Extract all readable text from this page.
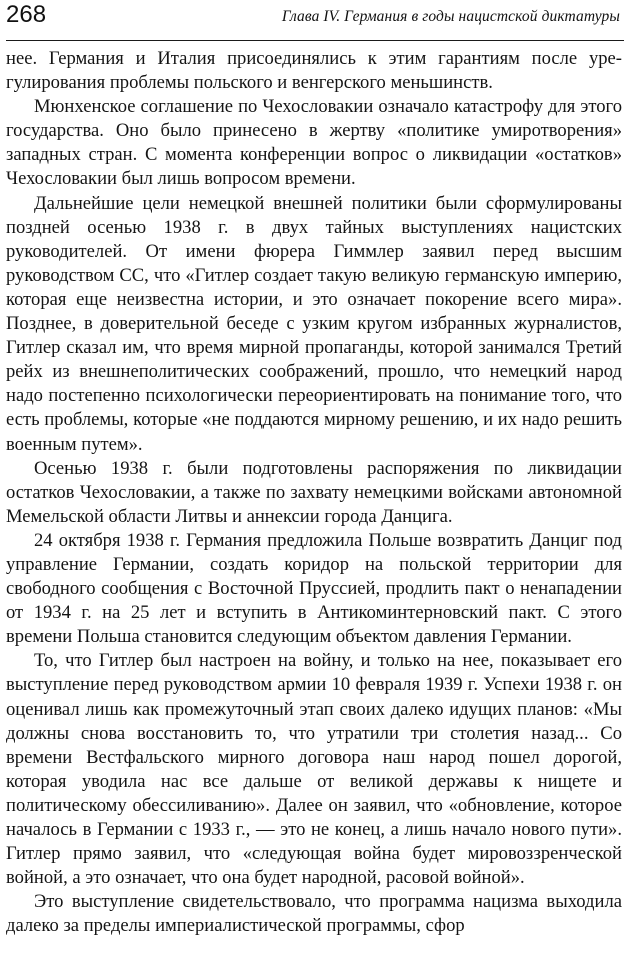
268	Глава IV. Германия в годы нацистской диктатуры

нее. Германия и Италия присоединялись к этим гарантиям после урегулирования проблемы польского и венгерского меньшинств.

Мюнхенское соглашение по Чехословакии означало катастрофу для этого государства. Оно было принесено в жертву «политике умиротворения» западных стран. С момента конференции вопрос о ликвидации «остатков» Чехословакии был лишь вопросом времени.

Дальнейшие цели немецкой внешней политики были сформулированы поздней осенью 1938 г. в двух тайных выступлениях нацистских руководителей. От имени фюрера Гиммлер заявил перед высшим руководством СС, что «Гитлер создает такую великую германскую империю, которая еще неизвестна истории, и это означает покорение всего мира». Позднее, в доверительной беседе с узким кругом избранных журналистов, Гитлер сказал им, что время мирной пропаганды, которой занимался Третий рейх из внешнеполитических соображений, прошло, что немецкий народ надо постепенно психологически переориентировать на понимание того, что есть проблемы, которые «не поддаются мирному решению, и их надо решить военным путем».

Осенью 1938 г. были подготовлены распоряжения по ликвидации остатков Чехословакии, а также по захвату немецкими войсками автономной Мемельской области Литвы и аннексии города Данцига.

24 октября 1938 г. Германия предложила Польше возвратить Данциг под управление Германии, создать коридор на польской территории для свободного сообщения с Восточной Пруссией, продлить пакт о ненападении от 1934 г. на 25 лет и вступить в Антикоминтерновский пакт. С этого времени Польша становится следующим объектом давления Германии.

То, что Гитлер был настроен на войну, и только на нее, показывает его выступление перед руководством армии 10 февраля 1939 г. Успехи 1938 г. он оценивал лишь как промежуточный этап своих далеко идущих планов: «Мы должны снова восстановить то, что утратили три столетия назад... Со времени Вестфальского мирного договора наш народ пошел дорогой, которая уводила нас все дальше от великой державы к нищете и политическому обессиливанию». Далее он заявил, что «обновление, которое началось в Германии с 1933 г., — это не конец, а лишь начало нового пути». Гитлер прямо заявил, что «следующая война будет мировоззренческой войной, а это означает, что она будет народной, расовой войной».

Это выступление свидетельствовало, что программа нацизма выходила далеко за пределы империалистической программы, сфор
